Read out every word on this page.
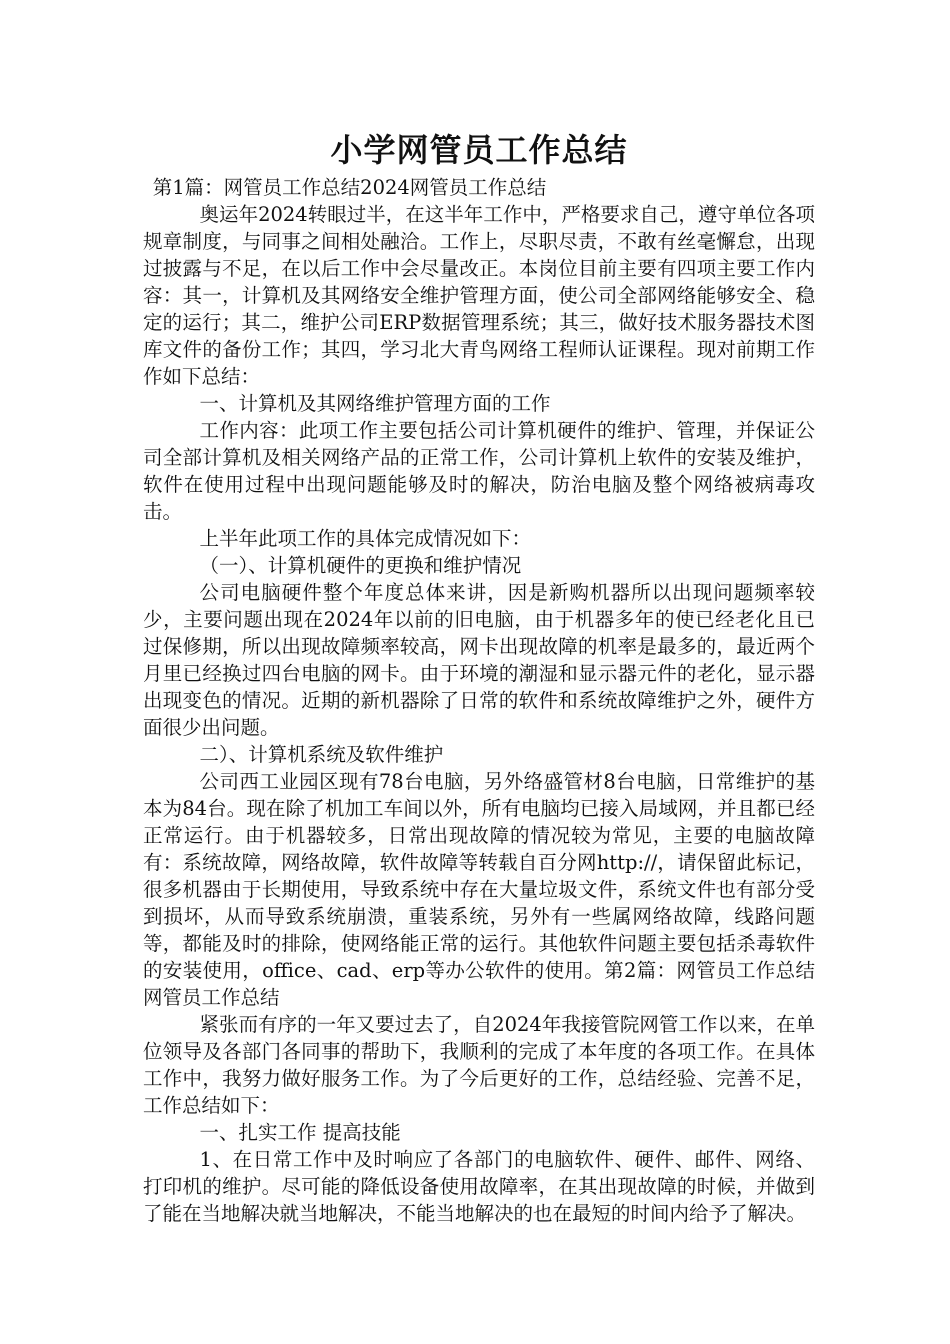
小学网管员工作总结

第1篇：网管员工作总结2024网管员工作总结

奥运年2024转眼过半，在这半年工作中，严格要求自己，遵守单位各项规章制度，与同事之间相处融洽。工作上，尽职尽责，不敢有丝毫懈怠，出现过披露与不足，在以后工作中会尽量改正。本岗位目前主要有四项主要工作内容：其一，计算机及其网络安全维护管理方面，使公司全部网络能够安全、稳定的运行；其二，维护公司ERP数据管理系统；其三，做好技术服务器技术图库文件的备份工作；其四，学习北大青鸟网络工程师认证课程。现对前期工作作如下总结：

一、计算机及其网络维护管理方面的工作

工作内容：此项工作主要包括公司计算机硬件的维护、管理，并保证公司全部计算机及相关网络产品的正常工作，公司计算机上软件的安装及维护，软件在使用过程中出现问题能够及时的解决，防治电脑及整个网络被病毒攻击。

上半年此项工作的具体完成情况如下：

（一）、计算机硬件的更换和维护情况

公司电脑硬件整个年度总体来讲，因是新购机器所以出现问题频率较少，主要问题出现在2024年以前的旧电脑，由于机器多年的使已经老化且已过保修期，所以出现故障频率较高，网卡出现故障的机率是最多的，最近两个月里已经换过四台电脑的网卡。由于环境的潮湿和显示器元件的老化，显示器出现变色的情况。近期的新机器除了日常的软件和系统故障维护之外，硬件方面很少出问题。

二）、计算机系统及软件维护

公司西工业园区现有78台电脑，另外络盛管材8台电脑，日常维护的基本为84台。现在除了机加工车间以外，所有电脑均已接入局域网，并且都已经正常运行。由于机器较多，日常出现故障的情况较为常见，主要的电脑故障有：系统故障，网络故障，软件故障等转载自百分网http://，请保留此标记，很多机器由于长期使用，导致系统中存在大量垃圾文件，系统文件也有部分受到损坏，从而导致系统崩溃，重装系统，另外有一些属网络故障，线路问题等，都能及时的排除，使网络能正常的运行。其他软件问题主要包括杀毒软件的安装使用，office、cad、erp等办公软件的使用。第2篇：网管员工作总结网管员工作总结

紧张而有序的一年又要过去了，自2024年我接管院网管工作以来，在单位领导及各部门各同事的帮助下，我顺利的完成了本年度的各项工作。在具体工作中，我努力做好服务工作。为了今后更好的工作，总结经验、完善不足，工作总结如下：

一、扎实工作 提高技能

1、在日常工作中及时响应了各部门的电脑软件、硬件、邮件、网络、打印机的维护。尽可能的降低设备使用故障率，在其出现故障的时候，并做到了能在当地解决就当地解决，不能当地解决的也在最短的时间内给予了解决。
